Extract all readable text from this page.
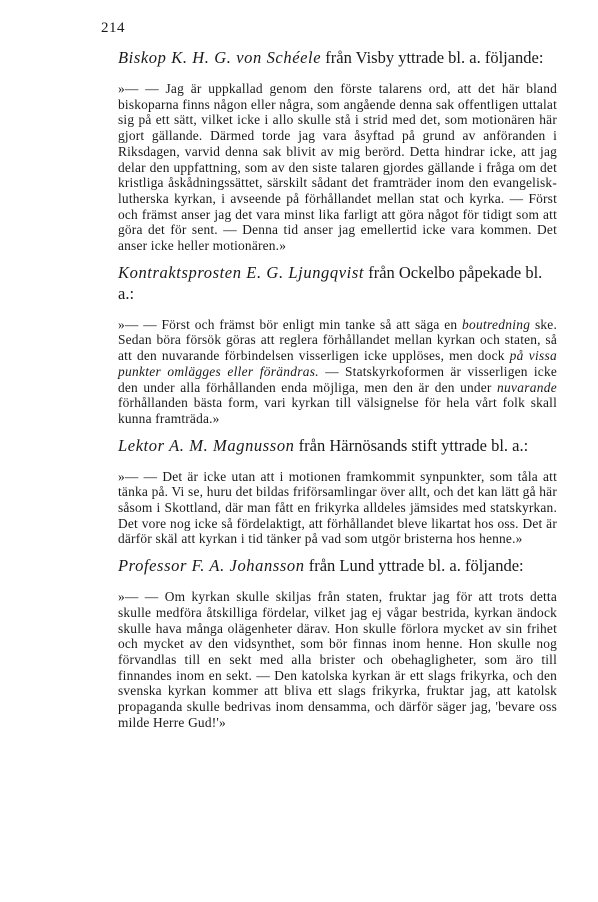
214

Biskop K. H. G. von Schéele från Visby yttrade bl. a. följande:

»— — Jag är uppkallad genom den förste talarens ord, att det här bland biskoparna finns någon eller några, som angående denna sak offentligen uttalat sig på ett sätt, vilket icke i allo skulle stå i strid med det, som motionären här gjort gällande. Därmed torde jag vara åsyftad på grund av anföranden i Riksdagen, varvid denna sak blivit av mig berörd. Detta hindrar icke, att jag delar den uppfattning, som av den siste talaren gjordes gällande i fråga om det kristliga åskådningssättet, särskilt sådant det framträder inom den evangelisk-lutherska kyrkan, i avseende på förhållandet mellan stat och kyrka. — Först och främst anser jag det vara minst lika farligt att göra något för tidigt som att göra det för sent. — Denna tid anser jag emellertid icke vara kommen. Det anser icke heller motionären.»

Kontraktsprosten E. G. Ljungqvist från Ockelbo påpekade bl. a.:

»— — Först och främst bör enligt min tanke så att säga en boutredning ske. Sedan böra försök göras att reglera förhållandet mellan kyrkan och staten, så att den nuvarande förbindelsen visserligen icke upplöses, men dock på vissa punkter omlägges eller förändras. — Statskyrkoformen är visserligen icke den under alla förhållanden enda möjliga, men den är den under nuvarande förhållanden bästa form, vari kyrkan till välsignelse för hela vårt folk skall kunna framträda.»

Lektor A. M. Magnusson från Härnösands stift yttrade bl. a.:

»— — Det är icke utan att i motionen framkommit synpunkter, som tåla att tänka på. Vi se, huru det bildas friförsamlingar över allt, och det kan lätt gå här såsom i Skottland, där man fått en frikyrka alldeles jämsides med statskyrkan. Det vore nog icke så fördelaktigt, att förhållandet bleve likartat hos oss. Det är därför skäl att kyrkan i tid tänker på vad som utgör bristerna hos henne.»

Professor F. A. Johansson från Lund yttrade bl. a. följande:

»— — Om kyrkan skulle skiljas från staten, fruktar jag för att trots detta skulle medföra åtskilliga fördelar, vilket jag ej vågar bestrida, kyrkan ändock skulle hava många olägenheter därav. Hon skulle förlora mycket av sin frihet och mycket av den vidsynthet, som bör finnas inom henne. Hon skulle nog förvandlas till en sekt med alla brister och obehagligheter, som äro till finnandes inom en sekt. — Den katolska kyrkan är ett slags frikyrka, och den svenska kyrkan kommer att bliva ett slags frikyrka, fruktar jag, att katolsk propaganda skulle bedrivas inom densamma, och därför säger jag, 'bevare oss milde Herre Gud!'»
